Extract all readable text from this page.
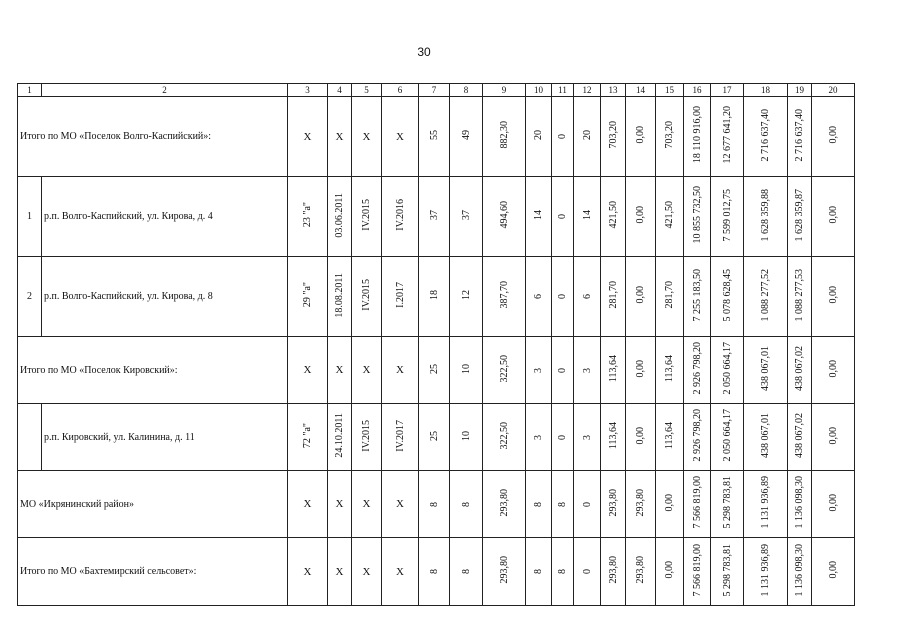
30
1	2	3	4	5	6	7	8	9	10	11	12	13	14	15	16	17	18	19	20
Итого по МО «Поселок Волго-Каспийский»:		X	X	X	X	55	49	882,30	20	0	20	703,20	0,00	703,20	18 110 916,00	12 677 641,20	2 716 637,40	2 716 637,40	0,00
1	р.п. Волго-Каспийский, ул. Кирова, д. 4	23 "а"	03.06.2011	IV.2015	IV.2016	37	37	494,60	14	0	14	421,50	0,00	421,50	10 855 732,50	7 599 012,75	1 628 359,88	1 628 359,87	0,00
2	р.п. Волго-Каспийский, ул. Кирова, д. 8	29 "а"	18.08.2011	IV.2015	I.2017	18	12	387,70	6	0	6	281,70	0,00	281,70	7 255 183,50	5 078 628,45	1 088 277,52	1 088 277,53	0,00
Итого по МО «Поселок Кировский»:		X	X	X	X	25	10	322,50	3	0	3	113,64	0,00	113,64	2 926 798,20	2 050 664,17	438 067,01	438 067,02	0,00
	р.п. Кировский, ул. Калинина, д. 11	72 "а"	24.10.2011	IV.2015	IV.2017	25	10	322,50	3	0	3	113,64	0,00	113,64	2 926 798,20	2 050 664,17	438 067,01	438 067,02	0,00
МО «Икрянинский район»		X	X	X	X	8	8	293,80	8	8	0	293,80	293,80	0,00	7 566 819,00	5 298 783,81	1 131 936,89	1 136 098,30	0,00
Итого по МО «Бахтемирский сельсовет»:		X	X	X	X	8	8	293,80	8	8	0	293,80	293,80	0,00	7 566 819,00	5 298 783,81	1 131 936,89	1 136 098,30	0,00
